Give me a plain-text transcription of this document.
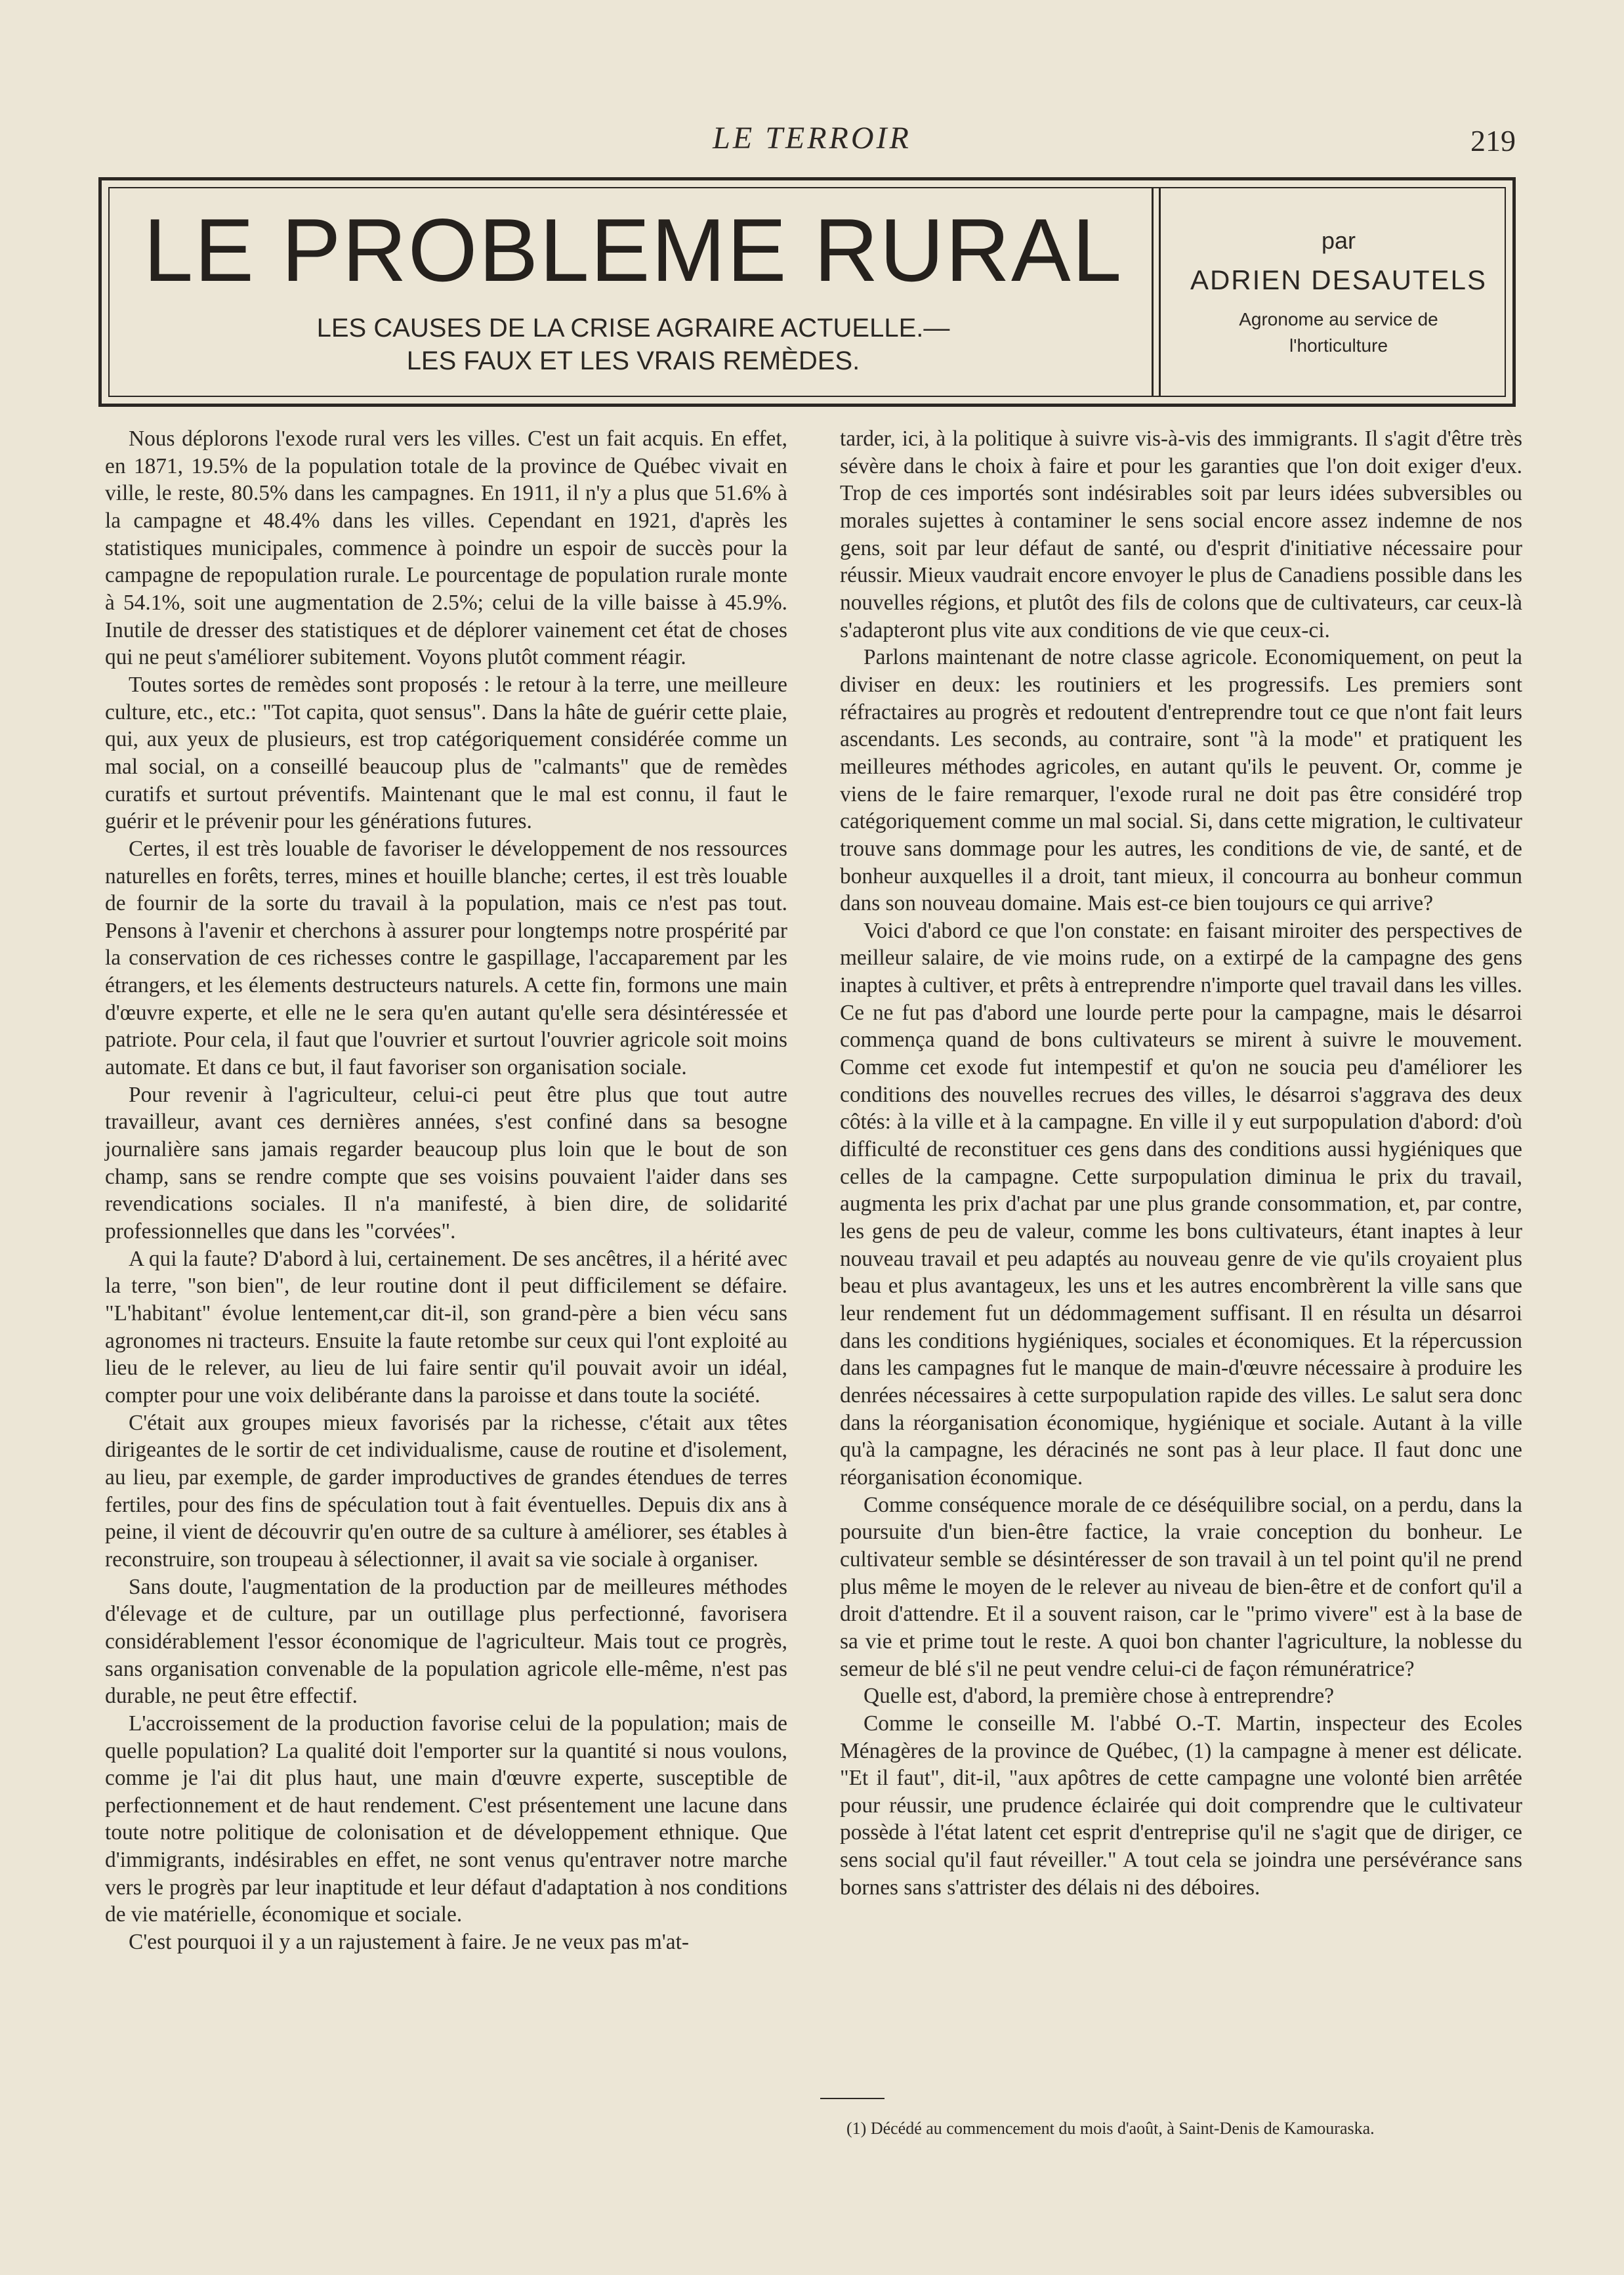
LE TERROIR	219
LE PROBLEME RURAL
LES CAUSES DE LA CRISE AGRAIRE ACTUELLE.—
LES FAUX ET LES VRAIS REMÈDES.
par
ADRIEN DESAUTELS
Agronome au service de
l'horticulture

Nous déplorons l'exode rural vers les villes. C'est un fait acquis. En effet, en 1871, 19.5% de la population totale de la province de Québec vivait en ville, le reste, 80.5% dans les campagnes. En 1911, il n'y a plus que 51.6% à la campagne et 48.4% dans les villes. Cependant en 1921, d'après les statistiques municipales, commence à poindre un espoir de succès pour la campagne de repopulation rurale. Le pourcentage de population rurale monte à 54.1%, soit une augmentation de 2.5%; celui de la ville baisse à 45.9%. Inutile de dresser des statistiques et de déplorer vainement cet état de choses qui ne peut s'améliorer subitement. Voyons plutôt comment réagir.

Toutes sortes de remèdes sont proposés : le retour à la terre, une meilleure culture, etc., etc.: "Tot capita, quot sensus". Dans la hâte de guérir cette plaie, qui, aux yeux de plusieurs, est trop catégoriquement considérée comme un mal social, on a conseillé beaucoup plus de "calmants" que de remèdes curatifs et surtout préventifs. Maintenant que le mal est connu, il faut le guérir et le prévenir pour les générations futures.

Certes, il est très louable de favoriser le développement de nos ressources naturelles en forêts, terres, mines et houille blanche; certes, il est très louable de fournir de la sorte du travail à la population, mais ce n'est pas tout. Pensons à l'avenir et cherchons à assurer pour longtemps notre prospérité par la conservation de ces richesses contre le gaspillage, l'accaparement par les étrangers, et les élements destructeurs naturels. A cette fin, formons une main d'œuvre experte, et elle ne le sera qu'en autant qu'elle sera désintéressée et patriote. Pour cela, il faut que l'ouvrier et surtout l'ouvrier agricole soit moins automate. Et dans ce but, il faut favoriser son organisation sociale.

Pour revenir à l'agriculteur, celui-ci peut être plus que tout autre travailleur, avant ces dernières années, s'est confiné dans sa besogne journalière sans jamais regarder beaucoup plus loin que le bout de son champ, sans se rendre compte que ses voisins pouvaient l'aider dans ses revendications sociales. Il n'a manifesté, à bien dire, de solidarité professionnelles que dans les "corvées".

A qui la faute? D'abord à lui, certainement. De ses ancêtres, il a hérité avec la terre, "son bien", de leur routine dont il peut difficilement se défaire. "L'habitant" évolue lentement,car dit-il, son grand-père a bien vécu sans agronomes ni tracteurs. Ensuite la faute retombe sur ceux qui l'ont exploité au lieu de le relever, au lieu de lui faire sentir qu'il pouvait avoir un idéal, compter pour une voix delibérante dans la paroisse et dans toute la société.

C'était aux groupes mieux favorisés par la richesse, c'était aux têtes dirigeantes de le sortir de cet individualisme, cause de routine et d'isolement, au lieu, par exemple, de garder improductives de grandes étendues de terres fertiles, pour des fins de spéculation tout à fait éventuelles. Depuis dix ans à peine, il vient de découvrir qu'en outre de sa culture à améliorer, ses étables à reconstruire, son troupeau à sélectionner, il avait sa vie sociale à organiser.

Sans doute, l'augmentation de la production par de meilleures méthodes d'élevage et de culture, par un outillage plus perfectionné, favorisera considérablement l'essor économique de l'agriculteur. Mais tout ce progrès, sans organisation convenable de la population agricole elle-même, n'est pas durable, ne peut être effectif.

L'accroissement de la production favorise celui de la population; mais de quelle population? La qualité doit l'emporter sur la quantité si nous voulons, comme je l'ai dit plus haut, une main d'œuvre experte, susceptible de perfectionnement et de haut rendement. C'est présentement une lacune dans toute notre politique de colonisation et de développement ethnique. Que d'immigrants, indésirables en effet, ne sont venus qu'entraver notre marche vers le progrès par leur inaptitude et leur défaut d'adaptation à nos conditions de vie matérielle, économique et sociale.

C'est pourquoi il y a un rajustement à faire. Je ne veux pas m'at-

tarder, ici, à la politique à suivre vis-à-vis des immigrants. Il s'agit d'être très sévère dans le choix à faire et pour les garanties que l'on doit exiger d'eux. Trop de ces importés sont indésirables soit par leurs idées subversibles ou morales sujettes à contaminer le sens social encore assez indemne de nos gens, soit par leur défaut de santé, ou d'esprit d'initiative nécessaire pour réussir. Mieux vaudrait encore envoyer le plus de Canadiens possible dans les nouvelles régions, et plutôt des fils de colons que de cultivateurs, car ceux-là s'adapteront plus vite aux conditions de vie que ceux-ci.

Parlons maintenant de notre classe agricole. Economiquement, on peut la diviser en deux: les routiniers et les progressifs. Les premiers sont réfractaires au progrès et redoutent d'entreprendre tout ce que n'ont fait leurs ascendants. Les seconds, au contraire, sont "à la mode" et pratiquent les meilleures méthodes agricoles, en autant qu'ils le peuvent. Or, comme je viens de le faire remarquer, l'exode rural ne doit pas être considéré trop catégoriquement comme un mal social. Si, dans cette migration, le cultivateur trouve sans dommage pour les autres, les conditions de vie, de santé, et de bonheur auxquelles il a droit, tant mieux, il concourra au bonheur commun dans son nouveau domaine. Mais est-ce bien toujours ce qui arrive?

Voici d'abord ce que l'on constate: en faisant miroiter des perspectives de meilleur salaire, de vie moins rude, on a extirpé de la campagne des gens inaptes à cultiver, et prêts à entreprendre n'importe quel travail dans les villes. Ce ne fut pas d'abord une lourde perte pour la campagne, mais le désarroi commença quand de bons cultivateurs se mirent à suivre le mouvement. Comme cet exode fut intempestif et qu'on ne soucia peu d'améliorer les conditions des nouvelles recrues des villes, le désarroi s'aggrava des deux côtés: à la ville et à la campagne. En ville il y eut surpopulation d'abord: d'où difficulté de reconstituer ces gens dans des conditions aussi hygiéniques que celles de la campagne. Cette surpopulation diminua le prix du travail, augmenta les prix d'achat par une plus grande consommation, et, par contre, les gens de peu de valeur, comme les bons cultivateurs, étant inaptes à leur nouveau travail et peu adaptés au nouveau genre de vie qu'ils croyaient plus beau et plus avantageux, les uns et les autres encombrèrent la ville sans que leur rendement fut un dédommagement suffisant. Il en résulta un désarroi dans les conditions hygiéniques, sociales et économiques. Et la répercussion dans les campagnes fut le manque de main-d'œuvre nécessaire à produire les denrées nécessaires à cette surpopulation rapide des villes. Le salut sera donc dans la réorganisation économique, hygiénique et sociale. Autant à la ville qu'à la campagne, les déracinés ne sont pas à leur place. Il faut donc une réorganisation économique.

Comme conséquence morale de ce déséquilibre social, on a perdu, dans la poursuite d'un bien-être factice, la vraie conception du bonheur. Le cultivateur semble se désintéresser de son travail à un tel point qu'il ne prend plus même le moyen de le relever au niveau de bien-être et de confort qu'il a droit d'attendre. Et il a souvent raison, car le "primo vivere" est à la base de sa vie et prime tout le reste. A quoi bon chanter l'agriculture, la noblesse du semeur de blé s'il ne peut vendre celui-ci de façon rémunératrice?

Quelle est, d'abord, la première chose à entreprendre?

Comme le conseille M. l'abbé O.-T. Martin, inspecteur des Ecoles Ménagères de la province de Québec, (1) la campagne à mener est délicate. "Et il faut", dit-il, "aux apôtres de cette campagne une volonté bien arrêtée pour réussir, une prudence éclairée qui doit comprendre que le cultivateur possède à l'état latent cet esprit d'entreprise qu'il ne s'agit que de diriger, ce sens social qu'il faut réveiller." A tout cela se joindra une persévérance sans bornes sans s'attrister des délais ni des déboires.

(1) Décédé au commencement du mois d'août, à Saint-Denis de Kamouraska.
